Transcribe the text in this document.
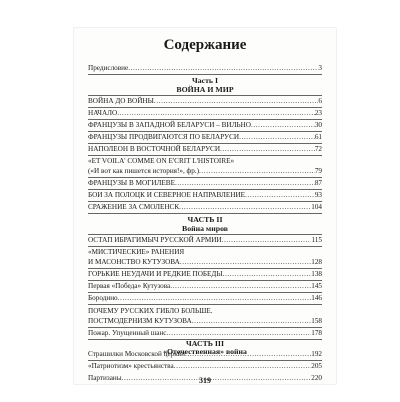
Содержание
Предисловие .....	3
Часть I
ВОЙНА И МИР
ВОЙНА ДО ВОЙНЫ .....	6
НАЧАЛО .....	23
ФРАНЦУЗЫ В ЗАПАДНОЙ БЕЛАРУСИ – ВИЛЬНО .....	30
ФРАНЦУЗЫ ПРОДВИГАЮТСЯ ПО БЕЛАРУСИ .....	61
НАПОЛЕОН В ВОСТОЧНОЙ БЕЛАРУСИ .....	72
«ET VOILA' COMME ON E'CRIT L'HISTOIRE»
(«И вот как пишется история!», фр.) .....	79
ФРАНЦУЗЫ В МОГИЛЕВЕ .....	87
БОИ ЗА ПОЛОЦК И СЕВЕРНОЕ НАПРАВЛЕНИЕ .....	93
СРАЖЕНИЕ ЗА СМОЛЕНСК .....	104
ЧАСТЬ II
Война миров
ОСТАП ИБРАГИМЫЧ РУССКОЙ АРМИИ .....	115
«МИСТИЧЕСКИЕ» РАНЕНИЯ
И МАСОНСТВО КУТУЗОВА .....	128
ГОРЬКИЕ НЕУДАЧИ И РЕДКИЕ ПОБЕДЫ .....	138
Первая «Победа» Кутузова .....	145
Бородино .....	146
ПОЧЕМУ РУССКИХ ГИБЛО БОЛЬШЕ.
ПОСТМОДЕРНИЗМ КУТУЗОВА .....	158
Пожар. Упущенный шанс .....	178
ЧАСТЬ III
«Отечественная» война
Страшилки Московской церкви .....	192
«Патриотизм» крестьянства .....	205
Партизаны .....	220
319
